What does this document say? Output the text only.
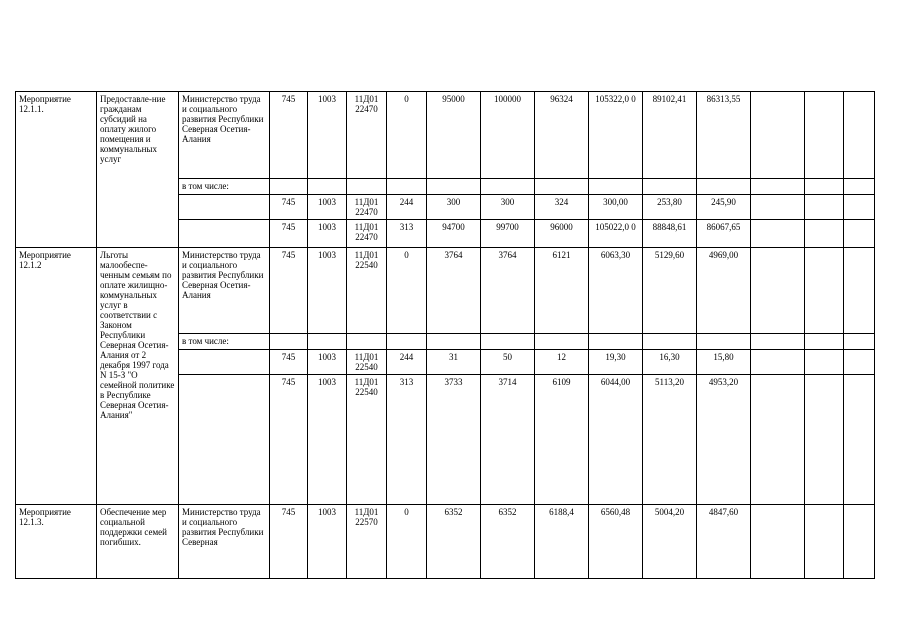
Мероприятие 12.1.1.	Предоставле-ние гражданам субсидий на оплату жилого помещения и коммунальных услуг	Министерство труда и социального развития Республики Северная Осетия-Алания	745	1003	11Д01 22470	0	95000	100000	96324	105322,0 0	89102,41	86313,55			
		в том числе:													
			745	1003	11Д01 22470	244	300	300	324	300,00	253,80	245,90			
			745	1003	11Д01 22470	313	94700	99700	96000	105022,0 0	88848,61	86067,65			
Мероприятие 12.1.2	Льготы малообеспе-ченным семьям по оплате жилищно-коммунальных услуг в соответствии с Законом Республики Северная Осетия-Алания от 2 декабря 1997 года N 15-З "О семейной политике в Республике Северная Осетия-Алания"	Министерство труда и социального развития Республики Северная Осетия-Алания	745	1003	11Д01 22540	0	3764	3764	6121	6063,30	5129,60	4969,00			
		в том числе:													
			745	1003	11Д01 22540	244	31	50	12	19,30	16,30	15,80			
			745	1003	11Д01 22540	313	3733	3714	6109	6044,00	5113,20	4953,20			
Мероприятие 12.1.3.	Обеспечение мер социальной поддержки семей погибших.	Министерство труда и социального развития Республики Северная	745	1003	11Д01 22570	0	6352	6352	6188,4	6560,48	5004,20	4847,60			
